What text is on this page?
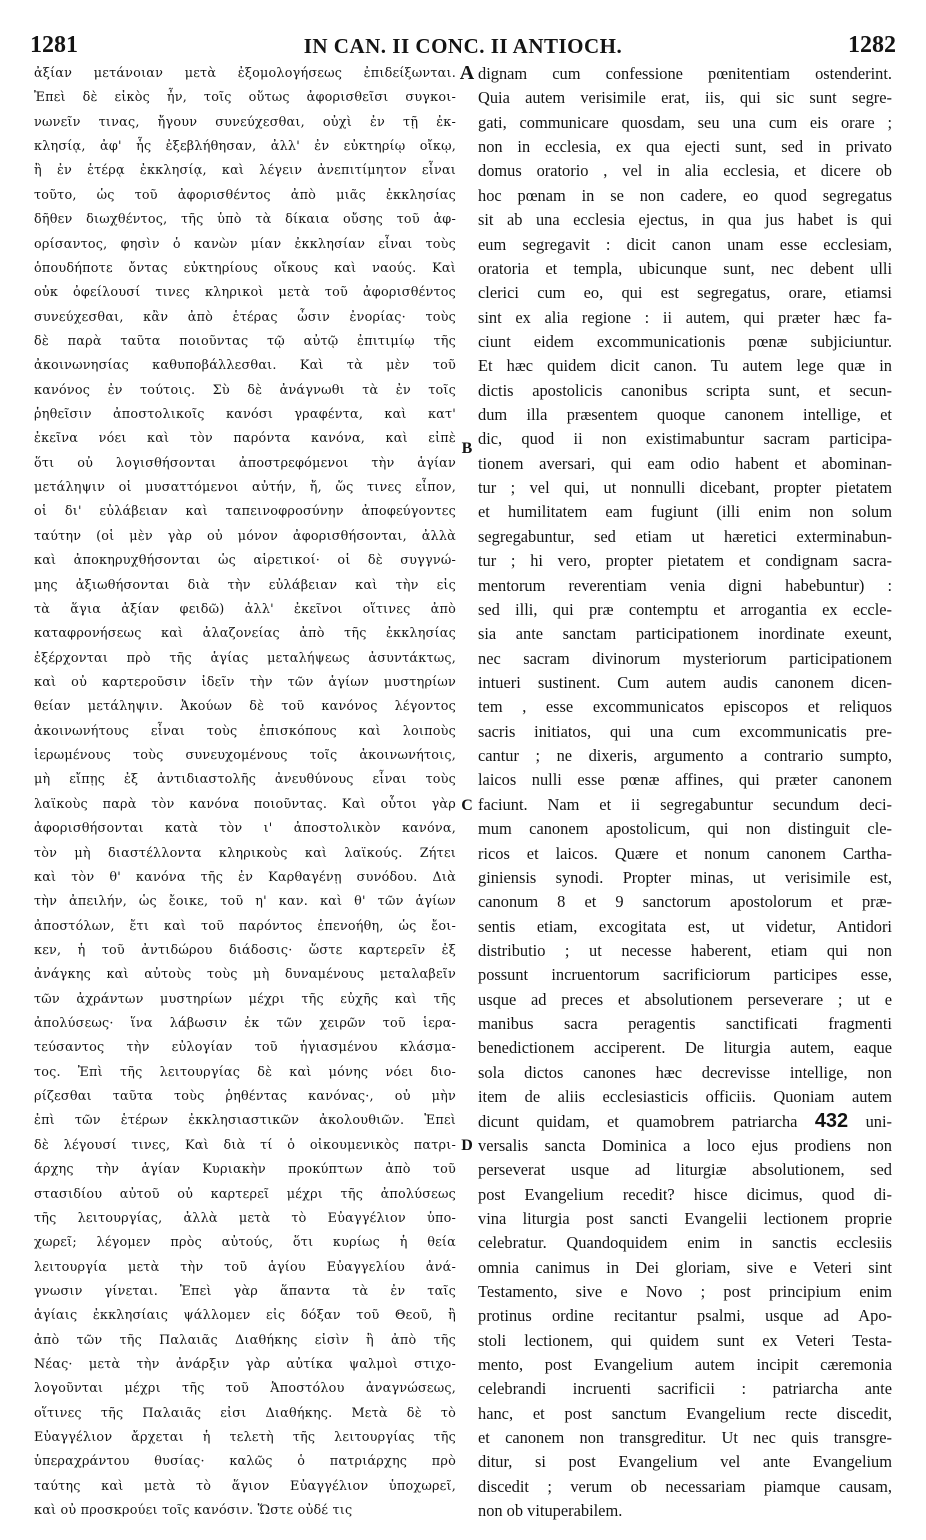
1281	IN CAN. II CONC. II ANTIOCH.	1282
ἀξίαν μετάνοιαν μετὰ ἐξομολογήσεως ἐπιδείξωνται.
Ἐπεὶ δὲ εἰκὸς ἦν, τοῖς οὕτως ἀφορισθεῖσι συγκοι-
νωνεῖν τινας, ἤγουν συνεύχεσθαι, οὐχὶ ἐν τῇ ἐκ-
κλησίᾳ, ἀφ' ἧς ἐξεβλήθησαν, ἀλλ' ἐν εὐκτηρίῳ οἴκῳ,
ἢ ἐν ἑτέρᾳ ἐκκλησίᾳ, καὶ λέγειν ἀνεπιτίμητον εἶναι
τοῦτο, ὡς τοῦ ἀφορισθέντος ἀπὸ μιᾶς ἐκκλησίας
δῆθεν διωχθέντος, τῆς ὑπὸ τὰ δίκαια οὔσης τοῦ ἀφ-
ορίσαντος, φησὶν ὁ κανὼν μίαν ἐκκλησίαν εἶναι τοὺς
ὁπουδήποτε ὄντας εὐκτηρίους οἴκους καὶ ναούς. Καὶ
οὐκ ὀφείλουσί τινες κληρικοὶ μετὰ τοῦ ἀφορισθέντος
συνεύχεσθαι, κἂν ἀπὸ ἑτέρας ὦσιν ἐνορίας· τοὺς
δὲ παρὰ ταῦτα ποιοῦντας τῷ αὐτῷ ἐπιτιμίῳ τῆς
ἀκοινωνησίας καθυποβάλλεσθαι. Καὶ τὰ μὲν τοῦ
κανόνος ἐν τούτοις. Σὺ δὲ ἀνάγνωθι τὰ ἐν τοῖς
ῥηθεῖσιν ἀποστολικοῖς κανόσι γραφέντα, καὶ κατ'
ἐκεῖνα νόει καὶ τὸν παρόντα κανόνα, καὶ εἰπὲ
ὅτι οὐ λογισθήσονται ἀποστρεφόμενοι τὴν ἁγίαν
μετάληψιν οἱ μυσαττόμενοι αὐτήν, ἤ, ὥς τινες εἶπον,
οἱ δι' εὐλάβειαν καὶ ταπεινοφροσύνην ἀποφεύγοντες
ταύτην (οἱ μὲν γὰρ οὐ μόνον ἀφορισθήσονται, ἀλλὰ
καὶ ἀποκηρυχθήσονται ὡς αἱρετικοί· οἱ δὲ συγγνώ-
μης ἀξιωθήσονται διὰ τὴν εὐλάβειαν καὶ τὴν εἰς
τὰ ἅγια ἀξίαν φειδῶ) ἀλλ' ἐκεῖνοι οἵτινες ἀπὸ
καταφρονήσεως καὶ ἀλαζονείας ἀπὸ τῆς ἐκκλησίας
ἐξέρχονται πρὸ τῆς ἁγίας μεταλήψεως ἀσυντάκτως,
καὶ οὐ καρτεροῦσιν ἰδεῖν τὴν τῶν ἁγίων μυστηρίων
θείαν μετάληψιν. Ἀκούων δὲ τοῦ κανόνος λέγοντος
ἀκοινωνήτους εἶναι τοὺς ἐπισκόπους καὶ λοιποὺς
ἱερωμένους τοὺς συνευχομένους τοῖς ἀκοινωνήτοις,
μὴ εἴπῃς ἐξ ἀντιδιαστολῆς ἀνευθύνους εἶναι τοὺς
λαϊκοὺς παρὰ τὸν κανόνα ποιοῦντας. Καὶ οὗτοι γὰρ
ἀφορισθήσονται κατὰ τὸν ι' ἀποστολικὸν κανόνα,
τὸν μὴ διαστέλλοντα κληρικοὺς καὶ λαϊκούς. Ζήτει
καὶ τὸν θ' κανόνα τῆς ἐν Καρθαγένῃ συνόδου. Διὰ
τὴν ἀπειλήν, ὡς ἔοικε, τοῦ η' καν. καὶ θ' τῶν ἁγίων
ἀποστόλων, ἔτι καὶ τοῦ παρόντος ἐπενοήθη, ὡς ἔοι-
κεν, ἡ τοῦ ἀντιδώρου διάδοσις· ὥστε καρτερεῖν ἐξ
ἀνάγκης καὶ αὐτοὺς τοὺς μὴ δυναμένους μεταλαβεῖν
τῶν ἀχράντων μυστηρίων μέχρι τῆς εὐχῆς καὶ τῆς
ἀπολύσεως· ἵνα λάβωσιν ἐκ τῶν χειρῶν τοῦ ἱερα-
τεύσαντος τὴν εὐλογίαν τοῦ ἡγιασμένου κλάσμα-
τος. Ἐπὶ τῆς λειτουργίας δὲ καὶ μόνης νόει διο-
ρίζεσθαι ταῦτα τοὺς ῥηθέντας κανόνας·, οὐ μὴν
ἐπὶ τῶν ἑτέρων ἐκκλησιαστικῶν ἀκολουθιῶν. Ἐπεὶ
δὲ λέγουσί τινες, Καὶ διὰ τί ὁ οἰκουμενικὸς πατρι-
άρχης τὴν ἁγίαν Κυριακὴν προκύπτων ἀπὸ τοῦ
στασιδίου αὐτοῦ οὐ καρτερεῖ μέχρι τῆς ἀπολύσεως
τῆς λειτουργίας, ἀλλὰ μετὰ τὸ Εὐαγγέλιον ὑπο-
χωρεῖ; λέγομεν πρὸς αὐτούς, ὅτι κυρίως ἡ θεία
λειτουργία μετὰ τὴν τοῦ ἁγίου Εὐαγγελίου ἀνά-
γνωσιν γίνεται. Ἐπεὶ γὰρ ἅπαντα τὰ ἐν ταῖς
ἁγίαις ἐκκλησίαις ψάλλομεν εἰς δόξαν τοῦ Θεοῦ, ἢ
ἀπὸ τῶν τῆς Παλαιᾶς Διαθήκης εἰσὶν ἢ ἀπὸ τῆς
Νέας· μετὰ τὴν ἀνάρξιν γὰρ αὐτίκα ψαλμοὶ στιχο-
λογοῦνται μέχρι τῆς τοῦ Ἀποστόλου ἀναγνώσεως,
οἵτινες τῆς Παλαιᾶς εἰσι Διαθήκης. Μετὰ δὲ τὸ
Εὐαγγέλιον ἄρχεται ἡ τελετὴ τῆς λειτουργίας τῆς
ὑπεραχράντου θυσίας· καλῶς ὁ πατριάρχης πρὸ
ταύτης καὶ μετὰ τὸ ἅγιον Εὐαγγέλιον ὑποχωρεῖ,
καὶ οὐ προσκρούει τοῖς κανόσιν. Ὥστε οὐδέ τις
dignam cum confessione pœnitentiam ostenderint.
Quia autem verisimile erat, iis, qui sic sunt segre-
gati, communicare quosdam, seu una cum eis orare ;
non in ecclesia, ex qua ejecti sunt, sed in privato
domus oratorio , vel in alia ecclesia, et dicere ob
hoc pœnam in se non cadere, eo quod segregatus
sit ab una ecclesia ejectus, in qua jus habet is qui
eum segregavit : dicit canon unam esse ecclesiam,
oratoria et templa, ubicunque sunt, nec debent ulli
clerici cum eo, qui est segregatus, orare, etiamsi
sint ex alia regione : ii autem, qui præter hæc fa-
ciunt eidem excommunicationis pœnæ subjiciuntur.
Et hæc quidem dicit canon. Tu autem lege quæ in
dictis apostolicis canonibus scripta sunt, et secun-
dum illa præsentem quoque canonem intellige, et
dic, quod ii non existimabuntur sacram participa-
tionem aversari, qui eam odio habent et abominan-
tur ; vel qui, ut nonnulli dicebant, propter pietatem
et humilitatem eam fugiunt (illi enim non solum
segregabuntur, sed etiam ut hæretici exterminabun-
tur ; hi vero, propter pietatem et condignam sacra-
mentorum reverentiam venia digni habebuntur) :
sed illi, qui præ contemptu et arrogantia ex eccle-
sia ante sanctam participationem inordinate exeunt,
nec sacram divinorum mysteriorum participationem
intueri sustinent. Cum autem audis canonem dicen-
tem , esse excommunicatos episcopos et reliquos
sacris initiatos, qui una cum excommunicatis pre-
cantur ; ne dixeris, argumento a contrario sumpto,
laicos nulli esse pœnæ affines, qui præter canonem
faciunt. Nam et ii segregabuntur secundum deci-
mum canonem apostolicum, qui non distinguit cle-
ricos et laicos. Quære et nonum canonem Cartha-
giniensis synodi. Propter minas, ut verisimile est,
canonum 8 et 9 sanctorum apostolorum et præ-
sentis etiam, excogitata est, ut videtur, Antidori
distributio ; ut necesse haberent, etiam qui non
possunt incruentorum sacrificiorum participes esse,
usque ad preces et absolutionem perseverare ; ut e
manibus sacra peragentis sanctificati fragmenti
benedictionem acciperent. De liturgia autem, eaque
sola dictos canones hæc decrevisse intellige, non
item de aliis ecclesiasticis officiis. Quoniam autem
dicunt quidam, et quamobrem patriarcha 432 uni-
versalis sancta Dominica a loco ejus prodiens non
perseverat usque ad liturgiæ absolutionem, sed
post Evangelium recedit? hisce dicimus, quod di-
vina liturgia post sancti Evangelii lectionem proprie
celebratur. Quandoquidem enim in sanctis ecclesiis
omnia canimus in Dei gloriam, sive e Veteri sint
Testamento, sive e Novo ; post principium enim
protinus ordine recitantur psalmi, usque ad Apo-
stoli lectionem, qui quidem sunt ex Veteri Testa-
mento, post Evangelium autem incipit cæremonia
celebrandi incruenti sacrificii : patriarcha ante
hanc, et post sanctum Evangelium recte discedit,
et canonem non transgreditur. Ut nec quis transgre-
ditur, si post Evangelium vel ante Evangelium
discedit ; verum ob necessariam piamque causam,
non ob vituperabilem.
A
B
C
D
